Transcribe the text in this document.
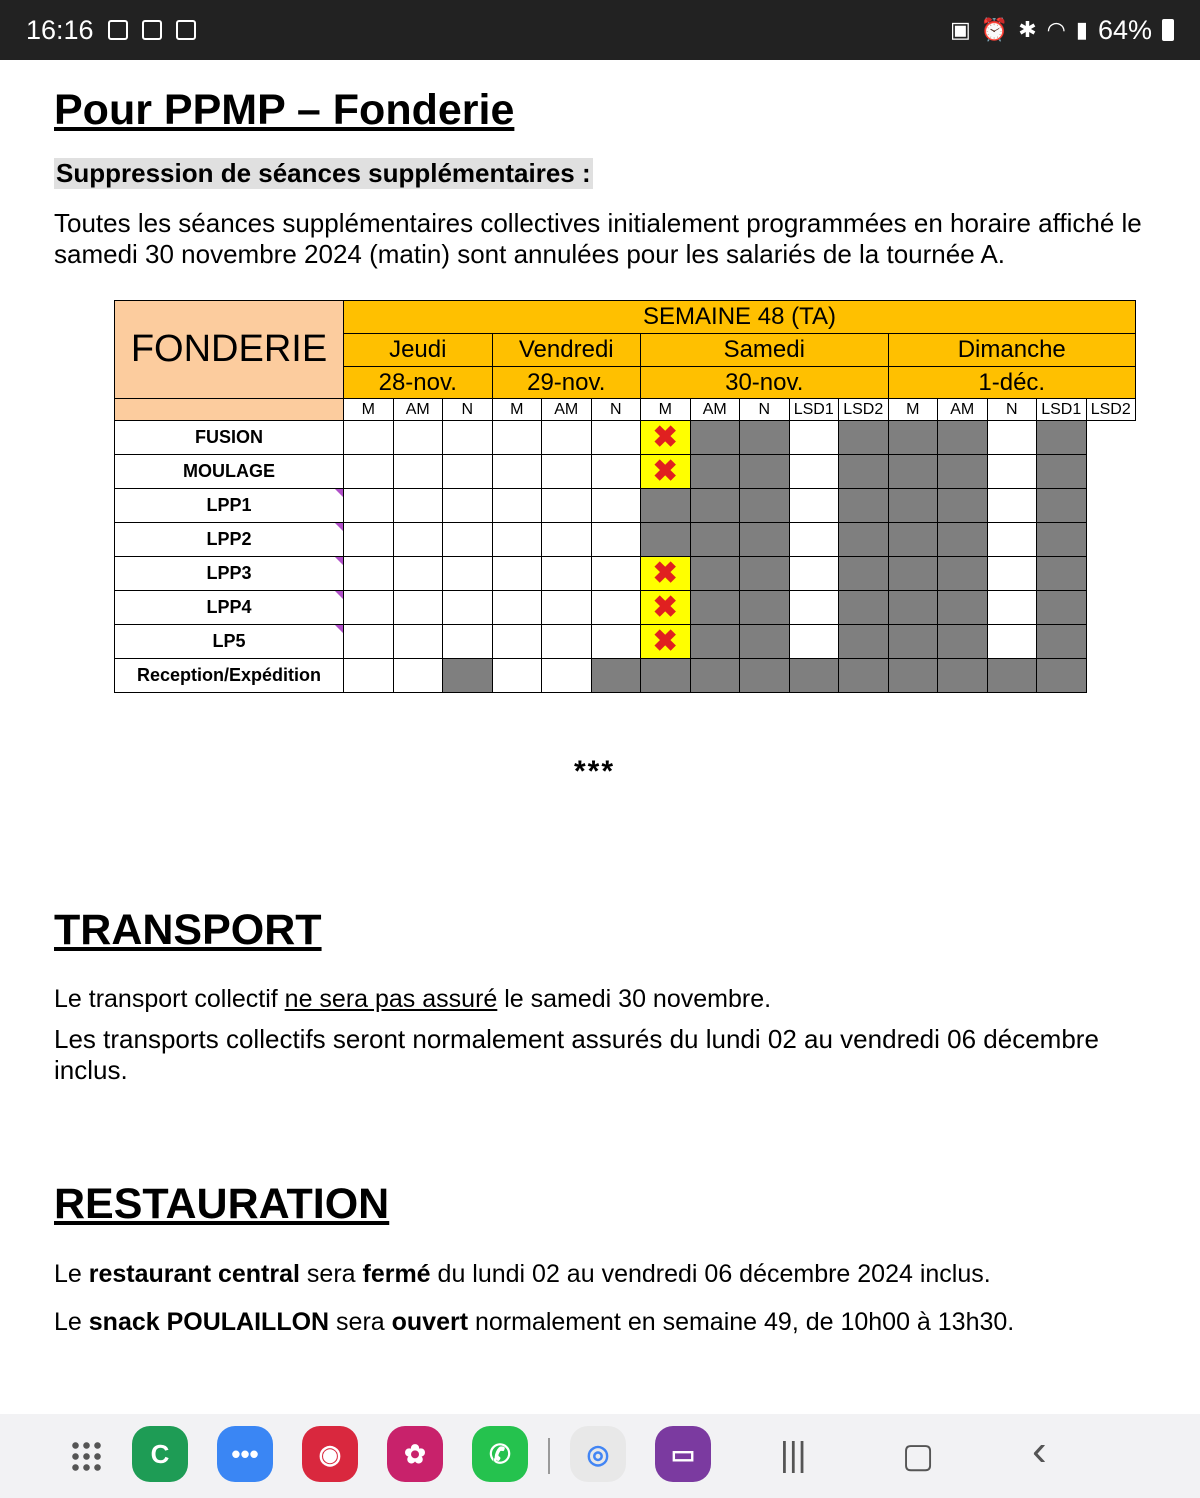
16:16	▣ ⏰ ✱ ◠ ▮ 64%
Pour PPMP – Fonderie
Suppression de séances supplémentaires :
Toutes les séances supplémentaires collectives initialement programmées en horaire affiché le
samedi 30 novembre 2024 (matin) sont annulées pour les salariés de la tournée A.
***
TRANSPORT
Le transport collectif ne sera pas assuré le samedi 30 novembre.
Les transports collectifs seront normalement assurés du lundi 02 au vendredi 06 décembre
inclus.
RESTAURATION
Le restaurant central sera fermé du lundi 02 au vendredi 06 décembre 2024 inclus.
Le snack POULAILLON sera ouvert normalement en semaine 49, de 10h00 à 13h30.
FONDERIE	SEMAINE 48 (TA)															
	Jeudi			Vendredi			Samedi					Dimanche				
	28-nov.			29-nov.			30-nov.					1-déc.				
	M	AM	N	M	AM	N	M	AM	N	LSD1	LSD2	M	AM	N	LSD1	LSD2
FUSION							✖									
MOULAGE							✖									
LPP1	

LPP2	

LPP3							✖									
LPP4							✖									
LP5							✖									
Reception/Expédition																
C	•••	◉	✿	✆	◎	▭	|||	▢ ‹
